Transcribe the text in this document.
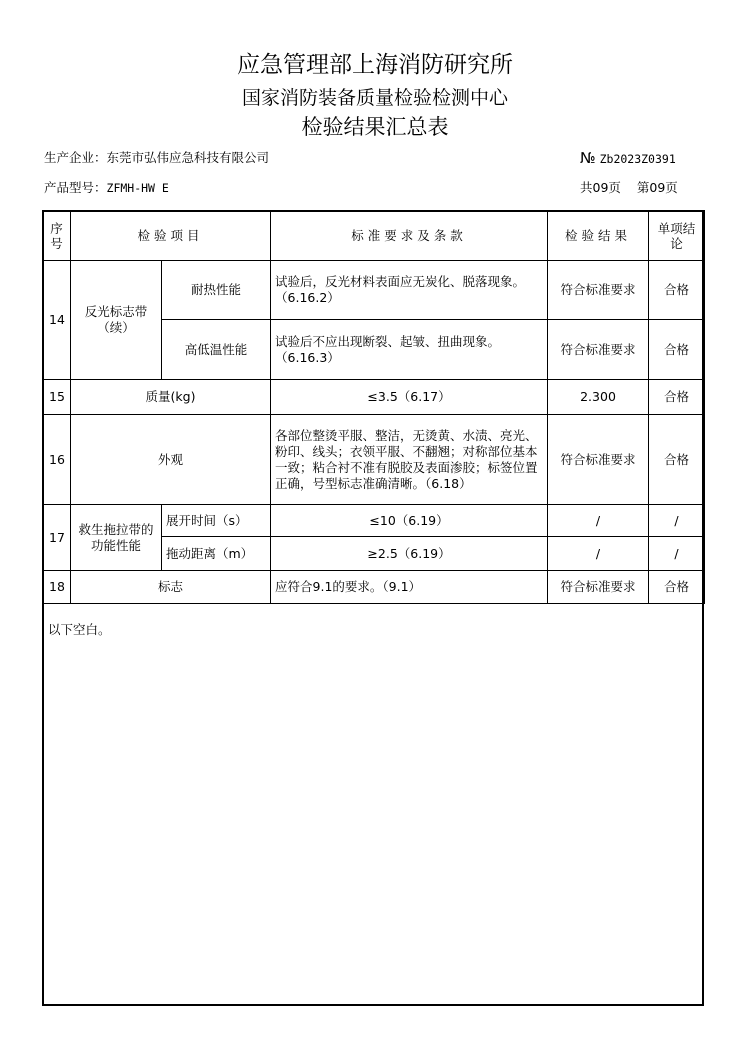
应急管理部上海消防研究所
国家消防装备质量检验检测中心
检验结果汇总表
生产企业：东莞市弘伟应急科技有限公司	№ Zb2023Z0391
产品型号：ZFMH-HW E	共09页 第09页
序号	检验项目		标准要求及条款	检验结果	单项结论
14	反光标志带（续）	耐热性能	试验后，反光材料表面应无炭化、脱落现象。（6.16.2）	符合标准要求	合格
		高低温性能	试验后不应出现断裂、起皱、扭曲现象。（6.16.3）	符合标准要求	合格
15	质量(kg)		≤3.5（6.17）	2.300	合格
16	外观		各部位整烫平服、整洁，无烫黄、水渍、亮光、粉印、线头；衣领平服、不翻翘；对称部位基本一致；粘合衬不准有脱胶及表面渗胶；标签位置正确，号型标志准确清晰。（6.18）	符合标准要求	合格
17	救生拖拉带的功能性能	展开时间（s）	≤10（6.19）	/	/
		拖动距离（m）	≥2.5（6.19）	/	/
18	标志		应符合9.1的要求。（9.1）	符合标准要求	合格
以下空白。
